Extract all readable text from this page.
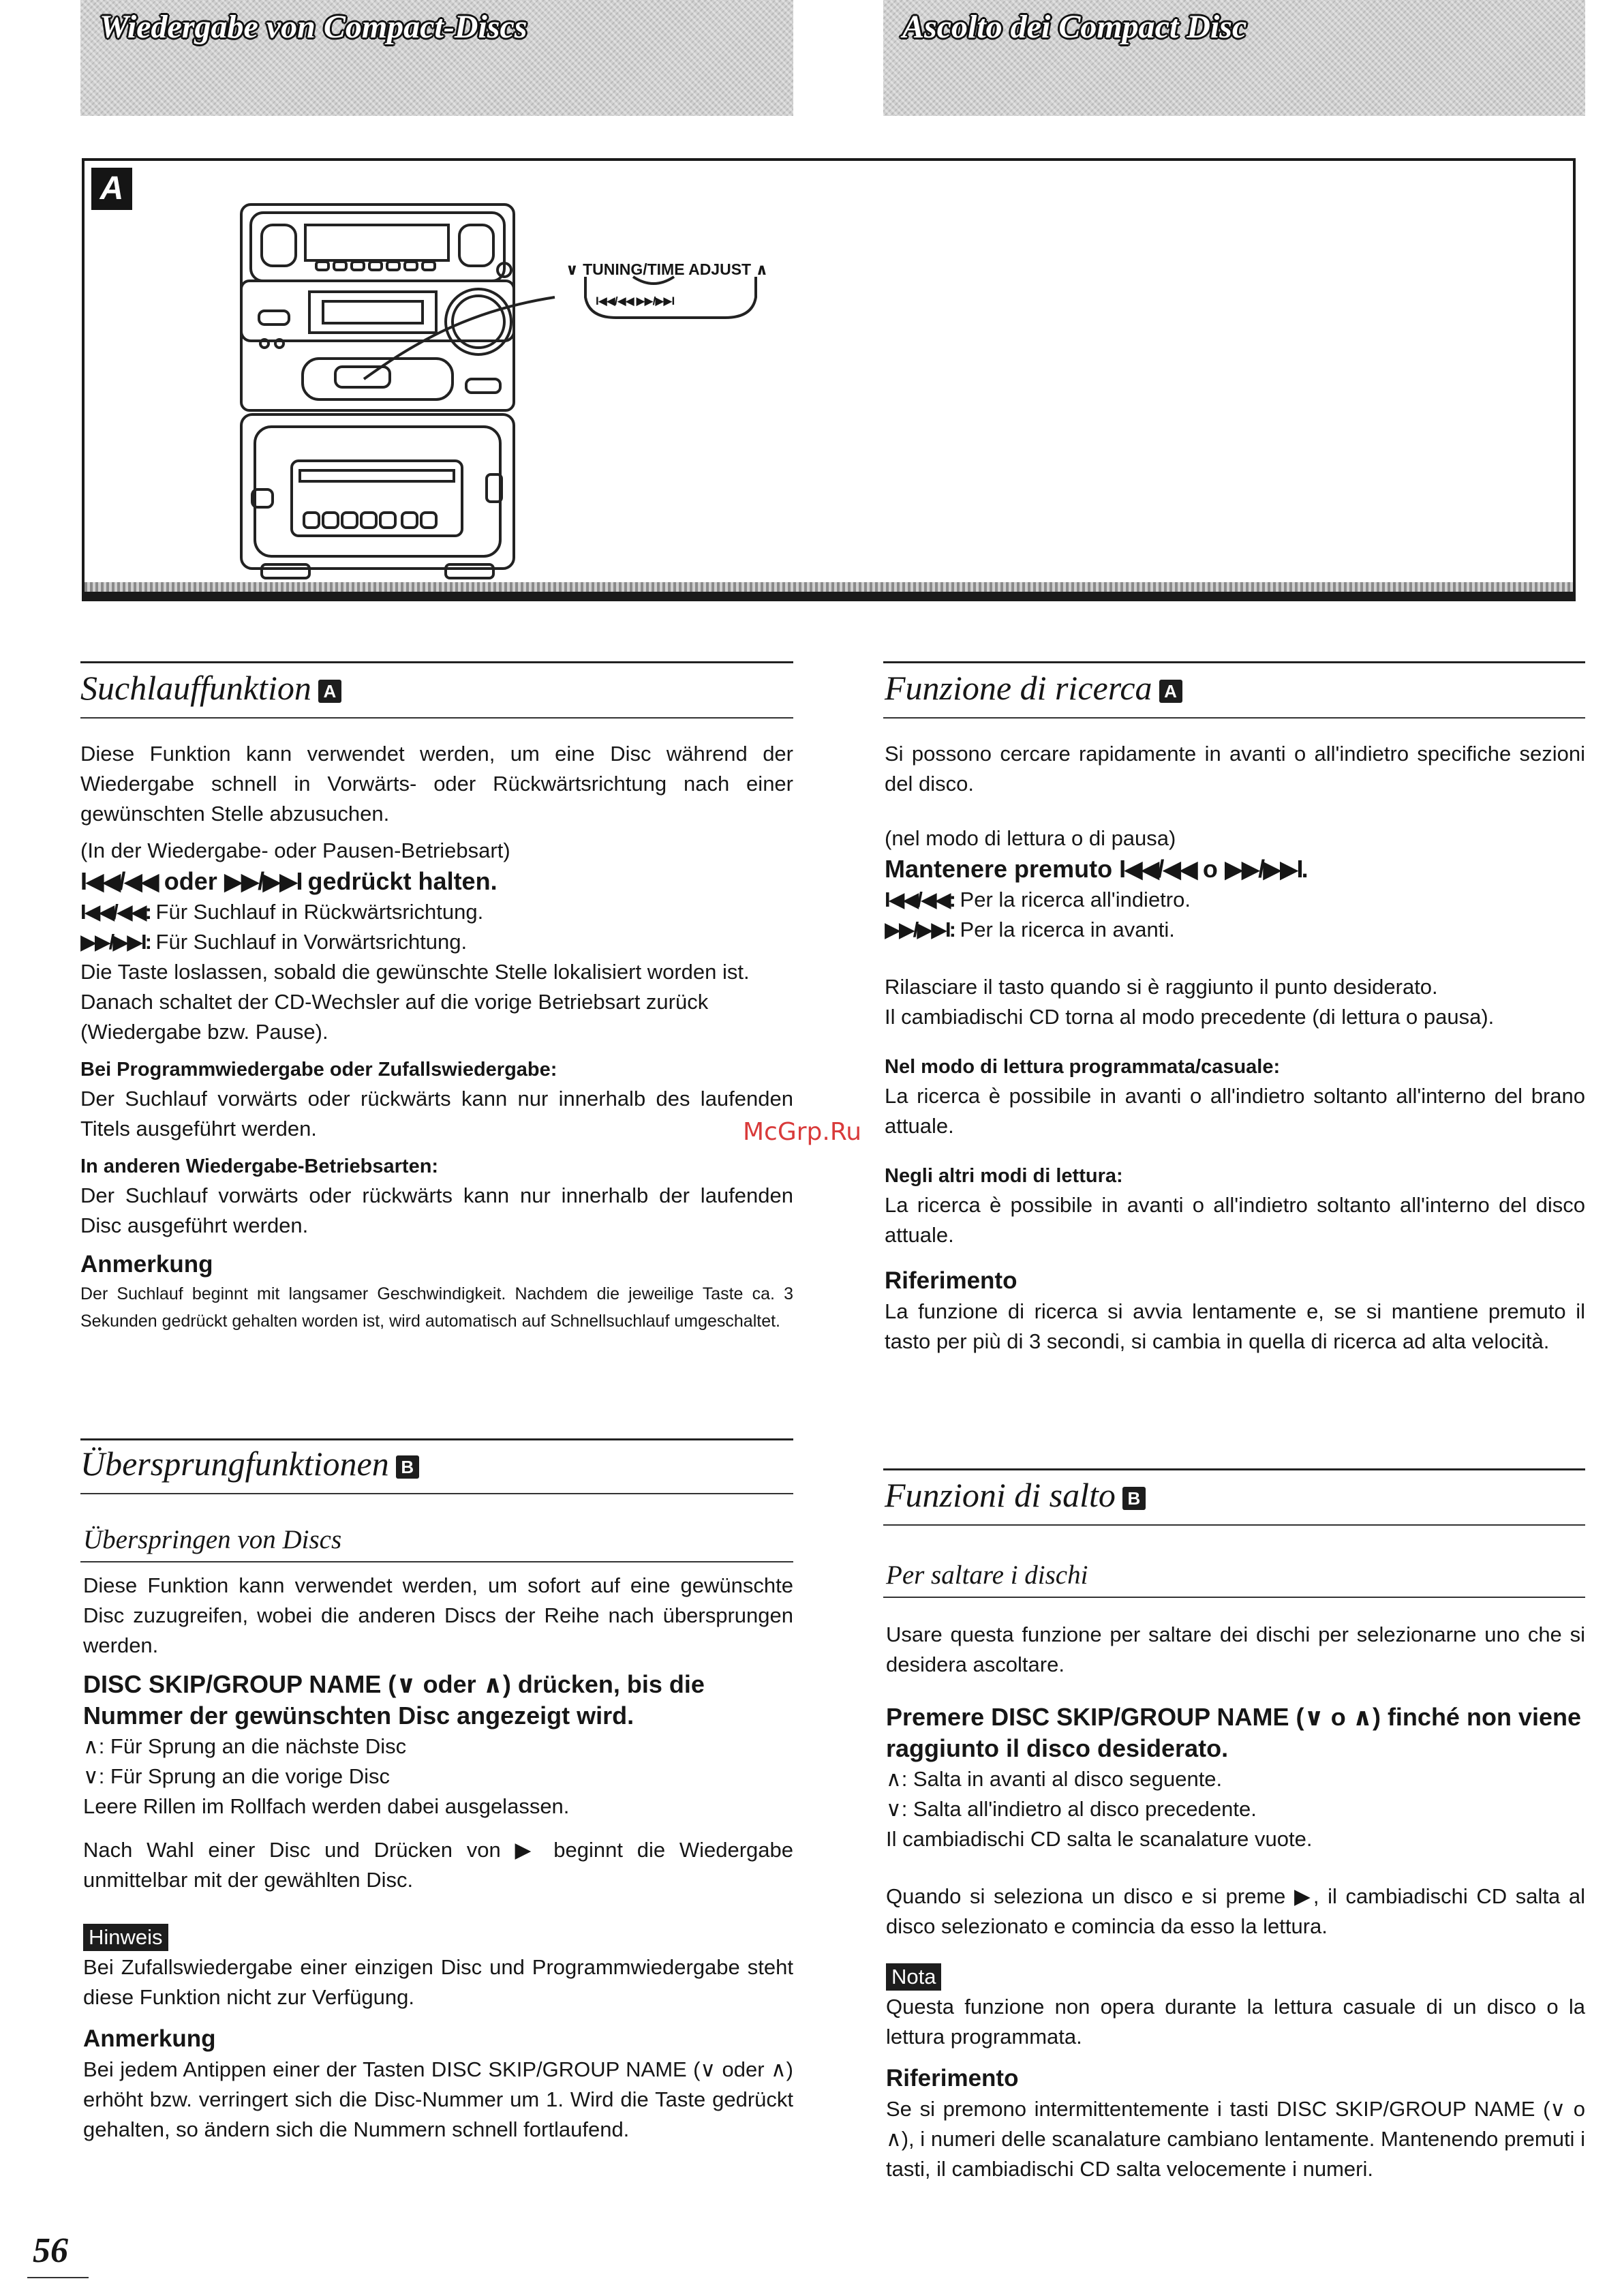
Wiedergabe von Compact-Discs	Ascolto dei Compact Disc
A
∨ TUNING/TIME ADJUST ∧
I◀◀/◀◀ ▶▶/▶▶I
Suchlauffunktion A

Diese Funktion kann verwendet werden, um eine Disc während der Wiedergabe schnell in Vorwärts- oder Rückwärtsrichtung nach einer gewünschten Stelle abzusuchen.

(In der Wiedergabe- oder Pausen-Betriebsart)

I◀◀/◀◀ oder ▶▶/▶▶I gedrückt halten.

I◀◀/◀◀: Für Suchlauf in Rückwärtsrichtung.

▶▶/▶▶I: Für Suchlauf in Vorwärtsrichtung.

Die Taste loslassen, sobald die gewünschte Stelle lokalisiert worden ist.

Danach schaltet der CD-Wechsler auf die vorige Betriebsart zurück (Wiedergabe bzw. Pause).

Bei Programmwiedergabe oder Zufallswiedergabe:

Der Suchlauf vorwärts oder rückwärts kann nur innerhalb des laufenden Titels ausgeführt werden.

In anderen Wiedergabe-Betriebsarten:

Der Suchlauf vorwärts oder rückwärts kann nur innerhalb der laufenden Disc ausgeführt werden.

Anmerkung

Der Suchlauf beginnt mit langsamer Geschwindigkeit. Nachdem die jeweilige Taste ca. 3 Sekunden gedrückt gehalten worden ist, wird automatisch auf Schnellsuchlauf umgeschaltet.

Übersprungfunktionen B
Überspringen von Discs

Diese Funktion kann verwendet werden, um sofort auf eine gewünschte Disc zuzugreifen, wobei die anderen Discs der Reihe nach übersprungen werden.

DISC SKIP/GROUP NAME (∨ oder ∧) drücken, bis die Nummer der gewünschten Disc angezeigt wird.

∧: Für Sprung an die nächste Disc

∨: Für Sprung an die vorige Disc

Leere Rillen im Rollfach werden dabei ausgelassen.

Nach Wahl einer Disc und Drücken von ▶ beginnt die Wiedergabe unmittelbar mit der gewählten Disc.

Hinweis

Bei Zufallswiedergabe einer einzigen Disc und Programmwiedergabe steht diese Funktion nicht zur Verfügung.

Anmerkung

Bei jedem Antippen einer der Tasten DISC SKIP/GROUP NAME (∨ oder ∧) erhöht bzw. verringert sich die Disc-Nummer um 1. Wird die Taste gedrückt gehalten, so ändern sich die Nummern schnell fortlaufend.

Funzione di ricerca A

Si possono cercare rapidamente in avanti o all'indietro specifiche sezioni del disco.

(nel modo di lettura o di pausa)

Mantenere premuto I◀◀/◀◀ o ▶▶/▶▶I.

I◀◀/◀◀: Per la ricerca all'indietro.

▶▶/▶▶I: Per la ricerca in avanti.

Rilasciare il tasto quando si è raggiunto il punto desiderato.

Il cambiadischi CD torna al modo precedente (di lettura o pausa).

Nel modo di lettura programmata/casuale:

La ricerca è possibile in avanti o all'indietro soltanto all'interno del brano attuale.

Negli altri modi di lettura:

La ricerca è possibile in avanti o all'indietro soltanto all'interno del disco attuale.

Riferimento

La funzione di ricerca si avvia lentamente e, se si mantiene premuto il tasto per più di 3 secondi, si cambia in quella di ricerca ad alta velocità.

Funzioni di salto B
Per saltare i dischi

Usare questa funzione per saltare dei dischi per selezionarne uno che si desidera ascoltare.

Premere DISC SKIP/GROUP NAME (∨ o ∧) finché non viene raggiunto il disco desiderato.

∧: Salta in avanti al disco seguente.

∨: Salta all'indietro al disco precedente.

Il cambiadischi CD salta le scanalature vuote.

Quando si seleziona un disco e si preme ▶, il cambiadischi CD salta al disco selezionato e comincia da esso la lettura.

Nota

Questa funzione non opera durante la lettura casuale di un disco o la lettura programmata.

Riferimento

Se si premono intermittentemente i tasti DISC SKIP/GROUP NAME (∨ o ∧), i numeri delle scanalature cambiano lentamente. Mantenendo premuti i tasti, il cambiadischi CD salta velocemente i numeri.

56
McGrp.Ru
